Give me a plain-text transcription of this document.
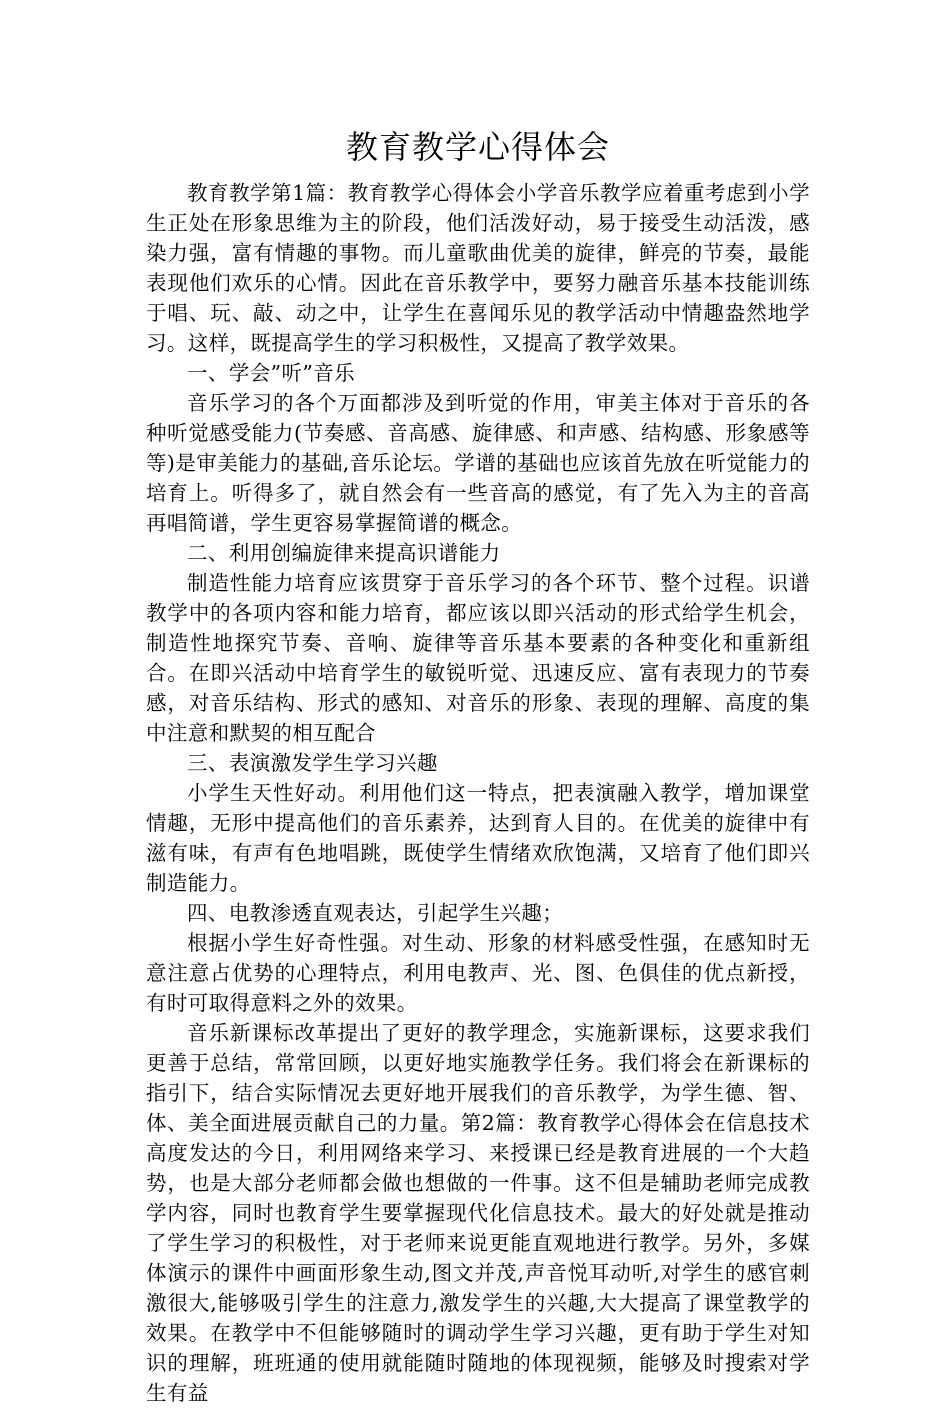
教育教学心得体会

教育教学第1篇：教育教学心得体会小学音乐教学应着重考虑到小学生正处在形象思维为主的阶段，他们活泼好动，易于接受生动活泼，感染力强，富有情趣的事物。而儿童歌曲优美的旋律，鲜亮的节奏，最能表现他们欢乐的心情。因此在音乐教学中，要努力融音乐基本技能训练于唱、玩、敲、动之中，让学生在喜闻乐见的教学活动中情趣盎然地学习。这样，既提高学生的学习积极性，又提高了教学效果。

一、学会”听”音乐

音乐学习的各个万面都涉及到听觉的作用，审美主体对于音乐的各种听觉感受能力(节奏感、音高感、旋律感、和声感、结构感、形象感等等)是审美能力的基础,音乐论坛。学谱的基础也应该首先放在听觉能力的培育上。听得多了，就自然会有一些音高的感觉，有了先入为主的音高再唱简谱，学生更容易掌握简谱的概念。

二、利用创编旋律来提高识谱能力

制造性能力培育应该贯穿于音乐学习的各个环节、整个过程。识谱教学中的各项内容和能力培育，都应该以即兴活动的形式给学生机会，制造性地探究节奏、音响、旋律等音乐基本要素的各种变化和重新组合。在即兴活动中培育学生的敏锐听觉、迅速反应、富有表现力的节奏感，对音乐结构、形式的感知、对音乐的形象、表现的理解、高度的集中注意和默契的相互配合

三、表演激发学生学习兴趣

小学生天性好动。利用他们这一特点，把表演融入教学，增加课堂情趣，无形中提高他们的音乐素养，达到育人目的。在优美的旋律中有滋有味，有声有色地唱跳，既使学生情绪欢欣饱满，又培育了他们即兴制造能力。

四、电教渗透直观表达，引起学生兴趣；

根据小学生好奇性强。对生动、形象的材料感受性强，在感知时无意注意占优势的心理特点，利用电教声、光、图、色俱佳的优点新授，有时可取得意料之外的效果。

音乐新课标改革提出了更好的教学理念，实施新课标，这要求我们更善于总结，常常回顾，以更好地实施教学任务。我们将会在新课标的指引下，结合实际情况去更好地开展我们的音乐教学，为学生德、智、体、美全面进展贡献自己的力量。第2篇：教育教学心得体会在信息技术高度发达的今日，利用网络来学习、来授课已经是教育进展的一个大趋势，也是大部分老师都会做也想做的一件事。这不但是辅助老师完成教学内容，同时也教育学生要掌握现代化信息技术。最大的好处就是推动了学生学习的积极性，对于老师来说更能直观地进行教学。另外，多媒体演示的课件中画面形象生动,图文并茂,声音悦耳动听,对学生的感官刺激很大,能够吸引学生的注意力,激发学生的兴趣,大大提高了课堂教学的效果。在教学中不但能够随时的调动学生学习兴趣，更有助于学生对知识的理解，班班通的使用就能随时随地的体现视频，能够及时搜索对学生有益
